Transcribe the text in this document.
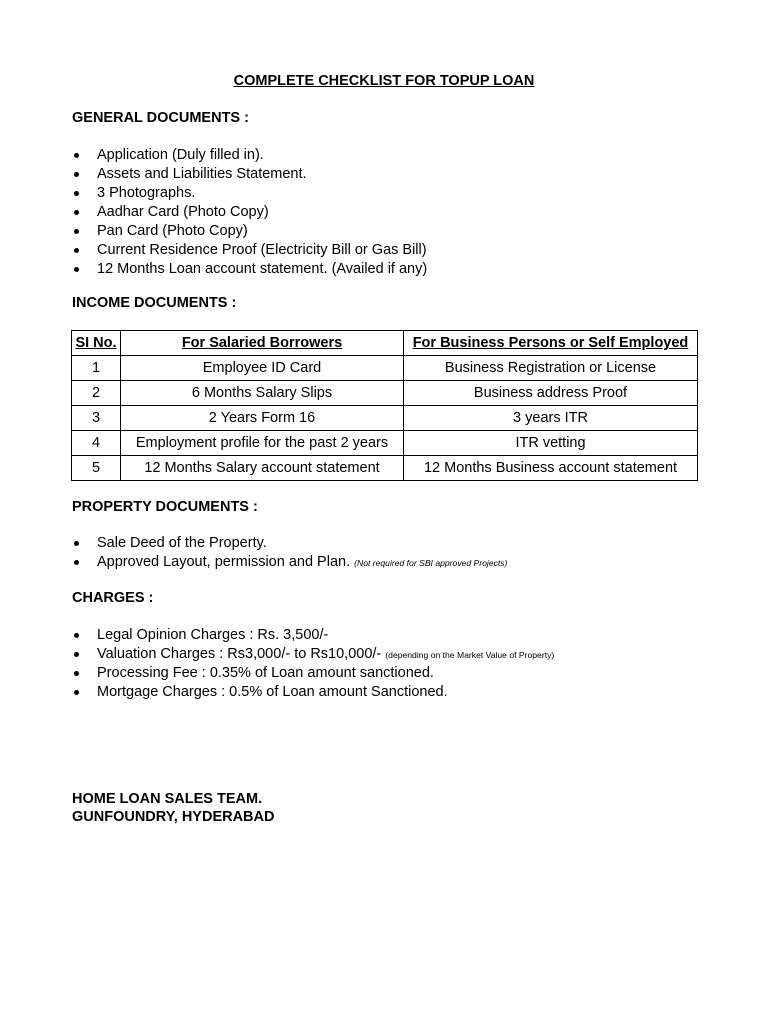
COMPLETE CHECKLIST FOR TOPUP LOAN
GENERAL DOCUMENTS :
Application (Duly filled in).
Assets and Liabilities Statement.
3 Photographs.
Aadhar Card (Photo Copy)
Pan Card (Photo Copy)
Current Residence Proof (Electricity Bill or Gas Bill)
12 Months Loan account statement. (Availed if any)
INCOME DOCUMENTS :
SI No.	For Salaried Borrowers	For Business Persons or Self Employed
1	Employee ID Card	Business Registration or License
2	6 Months Salary Slips	Business address Proof
3	2 Years Form 16	3 years ITR
4	Employment profile for the past 2 years	ITR vetting
5	12 Months Salary account statement	12 Months Business account statement
PROPERTY DOCUMENTS :
Sale Deed of the Property.
Approved Layout, permission and Plan. (Not required for SBI approved Projects)
CHARGES :
Legal Opinion Charges : Rs. 3,500/-
Valuation Charges : Rs3,000/- to Rs10,000/- (depending on the Market Value of Property)
Processing Fee : 0.35% of Loan amount sanctioned.
Mortgage Charges : 0.5% of Loan amount Sanctioned.
HOME LOAN SALES TEAM.
GUNFOUNDRY, HYDERABAD
